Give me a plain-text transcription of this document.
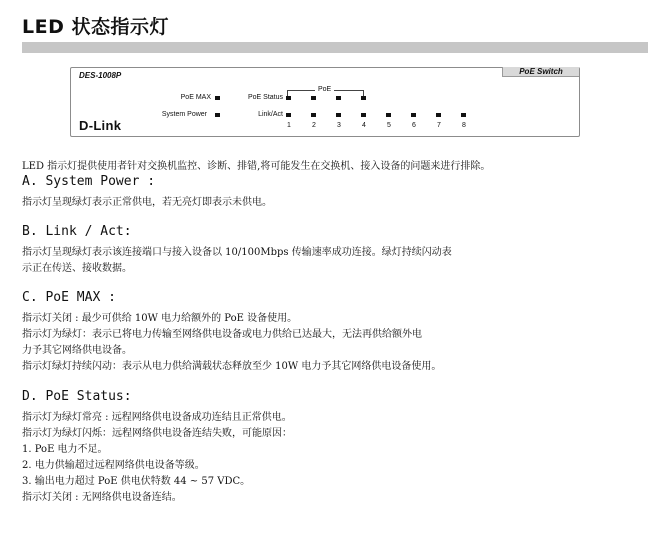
LED 状态指示灯
DES-1008P	PoE Switch
PoE MAX
System Power
PoE
PoE Status
Link/Act
1	2	3	4	5	6	7	8
D-Link
LED 指示灯提供使用者针对交换机监控、诊断、排错,将可能发生在交换机、接入设备的问题来进行排除。
A. System Power :
指示灯呈现绿灯表示正常供电，若无亮灯即表示未供电。
B. Link / Act:
指示灯呈现绿灯表示该连接端口与接入设备以 10/100Mbps 传输速率成功连接。绿灯持续闪动表
示正在传送、接收数据。
C. PoE MAX :
指示灯关闭 : 最少可供给 10W 电力给额外的 PoE 设备使用。
指示灯为绿灯：表示已将电力传输至网络供电设备或电力供给已达最大，无法再供给额外电
力予其它网络供电设备。
指示灯绿灯持续闪动：表示从电力供给满载状态释放至少 10W 电力予其它网络供电设备使用。
D. PoE Status:
指示灯为绿灯常亮 : 远程网络供电设备成功连结且正常供电。
指示灯为绿灯闪烁：远程网络供电设备连结失败，可能原因：
1. PoE 电力不足。
2. 电力供输超过远程网络供电设备等级。
3. 输出电力超过 PoE 供电伏特数 44 ~ 57 VDC。
指示灯关闭 : 无网络供电设备连结。
